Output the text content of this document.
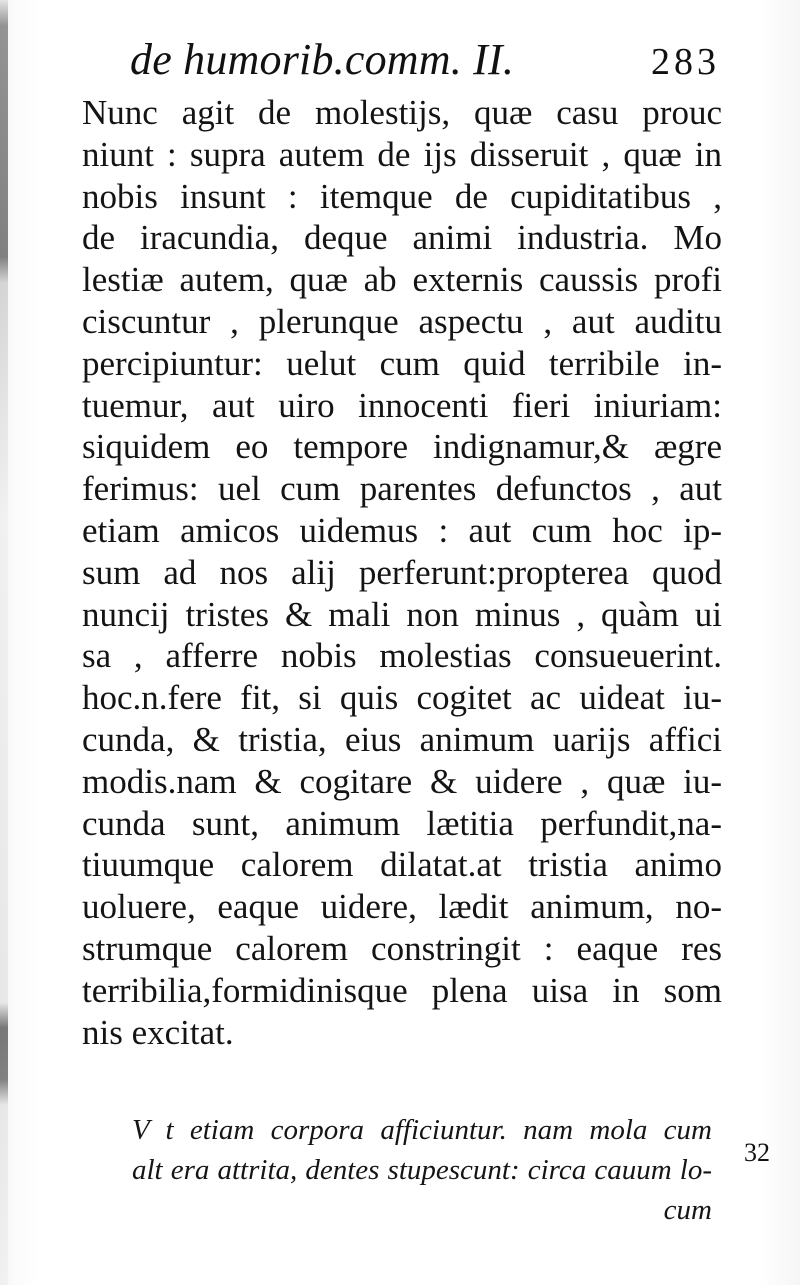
de humorib.comm. II.	283
Nunc agit de molestijs, quæ casu prouc
niunt : supra autem de ijs disseruit , quæ in
nobis insunt : itemque de cupiditatibus ,
de iracundia, deque animi industria. Mo
lestiæ autem, quæ ab externis caussis profi
ciscuntur , plerunque aspectu , aut auditu
percipiuntur: uelut cum quid terribile in-
tuemur, aut uiro innocenti fieri iniuriam:
siquidem eo tempore indignamur,& ægre
ferimus: uel cum parentes defunctos , aut
etiam amicos uidemus : aut cum hoc ip-
sum ad nos alij perferunt:propterea quod
nuncij tristes & mali non minus , quàm ui
sa , afferre nobis molestias consueuerint.
hoc.n.fere fit, si quis cogitet ac uideat iu-
cunda, & tristia, eius animum uarijs affici
modis.nam & cogitare & uidere , quæ iu-
cunda sunt, animum lætitia perfundit,na-
tiuumque calorem dilatat.at tristia animo
uoluere, eaque uidere, lædit animum, no-
strumque calorem constringit : eaque res
terribilia,formidinisque plena uisa in som
nis excitat.
V t etiam corpora afficiuntur. nam mola cum
alt era attrita, dentes stupescunt: circa cauum lo-
cum
32
